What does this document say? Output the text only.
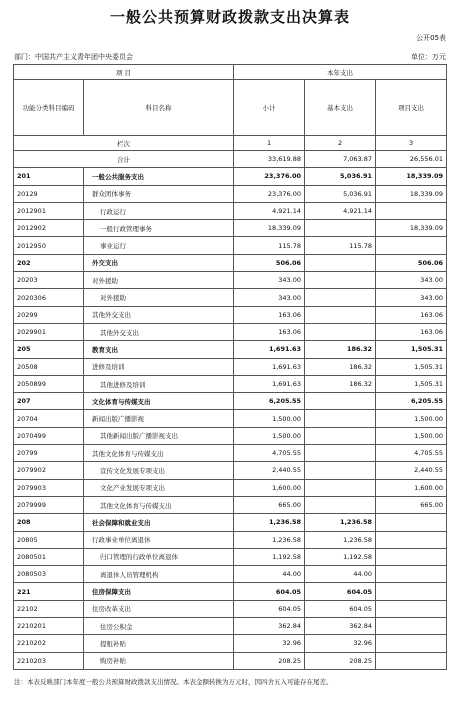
一般公共预算财政拨款支出决算表
公开05表
部门：中国共产主义青年团中央委员会	单位：万元
项 目		本年支出		
功能分类科目编码	科目名称	小计	基本支出	项目支出
栏次		1	2	3
合计		33,619.88	7,063.87	26,556.01
201	一般公共服务支出	23,376.00	5,036.91	18,339.09
20129	群众团体事务	23,376.00	5,036.91	18,339.09
2012901	行政运行	4,921.14	4,921.14	
2012902	一般行政管理事务	18,339.09		18,339.09
2012950	事业运行	115.78	115.78	
202	外交支出	506.06		506.06
20203	对外援助	343.00		343.00
2020306	对外援助	343.00		343.00
20299	其他外交支出	163.06		163.06
2029901	其他外交支出	163.06		163.06
205	教育支出	1,691.63	186.32	1,505.31
20508	进修及培训	1,691.63	186.32	1,505.31
2050899	其他进修及培训	1,691.63	186.32	1,505.31
207	文化体育与传媒支出	6,205.55		6,205.55
20704	新闻出版广播影视	1,500.00		1,500.00
2070499	其他新闻出版广播影视支出	1,500.00		1,500.00
20799	其他文化体育与传媒支出	4,705.55		4,705.55
2079902	宣传文化发展专项支出	2,440.55		2,440.55
2079903	文化产业发展专项支出	1,600.00		1,600.00
2079999	其他文化体育与传媒支出	665.00		665.00
208	社会保障和就业支出	1,236.58	1,236.58	
20805	行政事业单位离退休	1,236.58	1,236.58	
2080501	归口管理的行政单位离退休	1,192.58	1,192.58	
2080503	离退休人员管理机构	44.00	44.00	
221	住房保障支出	604.05	604.05	
22102	住房改革支出	604.05	604.05	
2210201	住房公积金	362.84	362.84	
2210202	提租补贴	32.96	32.96	
2210203	购房补贴	208.25	208.25	
注：本表反映部门本年度一般公共预算财政拨款支出情况。本表金额转换为万元时，因四舍五入可能存在尾差。
